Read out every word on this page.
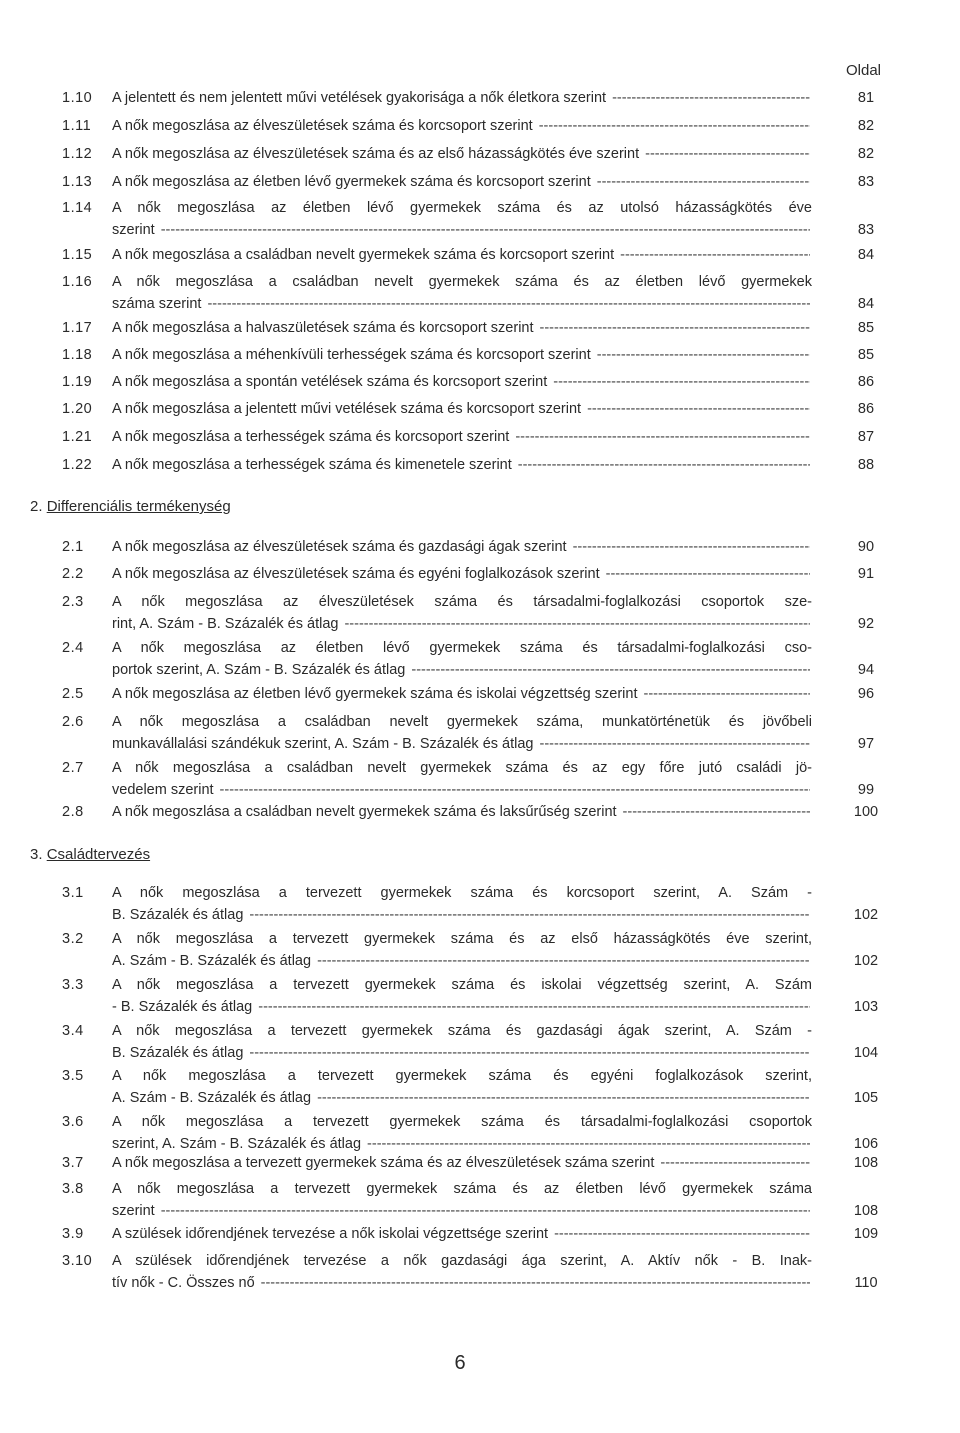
Oldal
1.10	A jelentett és nem jelentett művi vetélések gyakorisága a nők életkora szerint -----	81
1.11	A nők megoszlása az élveszületések száma és korcsoport szerint -----	82
1.12	A nők megoszlása az élveszületések száma és az első házasságkötés éve szerint -----	82
1.13	A nők megoszlása az életben lévő gyermekek száma és korcsoport szerint -----	83
1.14	A nők megoszlása az életben lévő gyermekek száma és az utolsó házasságkötés éve
szerint -----	83
1.15	A nők megoszlása a családban nevelt gyermekek száma és korcsoport szerint -----	84
1.16	A nők megoszlása a családban nevelt gyermekek száma és az életben lévő gyermekek
száma szerint -----	84
1.17	A nők megoszlása a halvaszületések száma és korcsoport szerint -----	85
1.18	A nők megoszlása a méhenkívüli terhességek száma és korcsoport szerint -----	85
1.19	A nők megoszlása a spontán vetélések száma és korcsoport szerint -----	86
1.20	A nők megoszlása a jelentett művi vetélések száma és korcsoport szerint -----	86
1.21	A nők megoszlása a terhességek száma és korcsoport szerint -----	87
1.22	A nők megoszlása a terhességek száma és kimenetele szerint -----	88
2. Differenciális termékenység
2.1	A nők megoszlása az élveszületések száma és gazdasági ágak szerint -----	90
2.2	A nők megoszlása az élveszületések száma és egyéni foglalkozások szerint -----	91
2.3	A nők megoszlása az élveszületések száma és társadalmi-foglalkozási csoportok sze-
rint, A. Szám - B. Százalék és átlag -----	92
2.4	A nők megoszlása az életben lévő gyermekek száma és társadalmi-foglalkozási cso-
portok szerint, A. Szám - B. Százalék és átlag -----	94
2.5	A nők megoszlása az életben lévő gyermekek száma és iskolai végzettség szerint -----	96
2.6	A nők megoszlása a családban nevelt gyermekek száma, munkatörténetük és jövőbeli
munkavállalási szándékuk szerint, A. Szám - B. Százalék és átlag -----	97
2.7	A nők megoszlása a családban nevelt gyermekek száma és az egy főre jutó családi jö-
vedelem szerint -----	99
2.8	A nők megoszlása a családban nevelt gyermekek száma és laksűrűség szerint -----	100
3. Családtervezés
3.1	A nők megoszlása a tervezett gyermekek száma és korcsoport szerint, A. Szám -
B. Százalék és átlag -----	102
3.2	A nők megoszlása a tervezett gyermekek száma és az első házasságkötés éve szerint,
A. Szám - B. Százalék és átlag -----	102
3.3	A nők megoszlása a tervezett gyermekek száma és iskolai végzettség szerint, A. Szám
- B. Százalék és átlag -----	103
3.4	A nők megoszlása a tervezett gyermekek száma és gazdasági ágak szerint, A. Szám -
B. Százalék és átlag -----	104
3.5	A nők megoszlása a tervezett gyermekek száma és egyéni foglalkozások szerint,
A. Szám - B. Százalék és átlag -----	105
3.6	A nők megoszlása a tervezett gyermekek száma és társadalmi-foglalkozási csoportok
szerint, A. Szám - B. Százalék és átlag -----	106
3.7	A nők megoszlása a tervezett gyermekek száma és az élveszületések száma szerint -----	108
3.8	A nők megoszlása a tervezett gyermekek száma és az életben lévő gyermekek száma
szerint -----	108
3.9	A szülések időrendjének tervezése a nők iskolai végzettsége szerint -----	109
3.10	A szülések időrendjének tervezése a nők gazdasági ága szerint, A. Aktív nők - B. Inak-
tív nők - C. Összes nő -----	110
6
